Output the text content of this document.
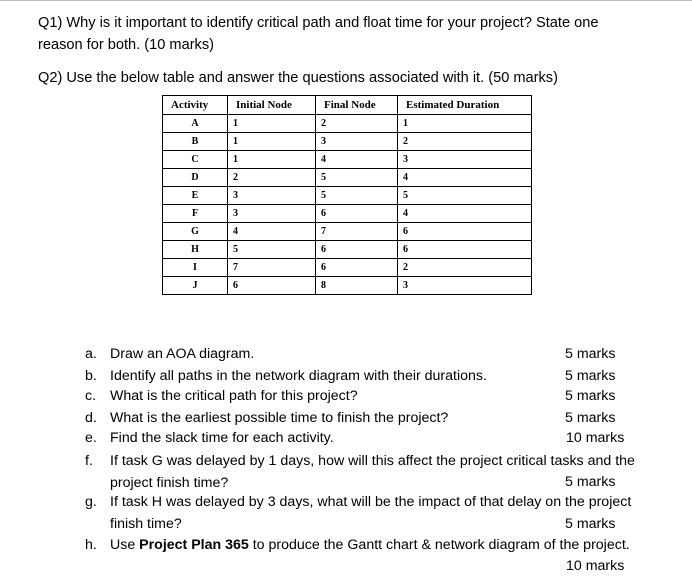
Q1) Why is it important to identify critical path and float time for your project? State one
reason for both. (10 marks)
Q2) Use the below table and answer the questions associated with it. (50 marks)
Activity	Initial Node	Final Node	Estimated Duration
A	1	2	1
B	1	3	2
C	1	4	3
D	2	5	4
E	3	5	5
F	3	6	4
G	4	7	6
H	5	6	6
I	7	6	2
J	6	8	3
a. Draw an AOA diagram.	5 marks
b. Identify all paths in the network diagram with their durations.	5 marks
c. What is the critical path for this project?	5 marks
d. What is the earliest possible time to finish the project?	5 marks
e. Find the slack time for each activity.	10 marks
f. If task G was delayed by 1 days, how will this affect the project critical tasks and the
project finish time?	5 marks
g. If task H was delayed by 3 days, what will be the impact of that delay on the project
finish time?	5 marks
h. Use Project Plan 365 to produce the Gantt chart & network diagram of the project.
10 marks
